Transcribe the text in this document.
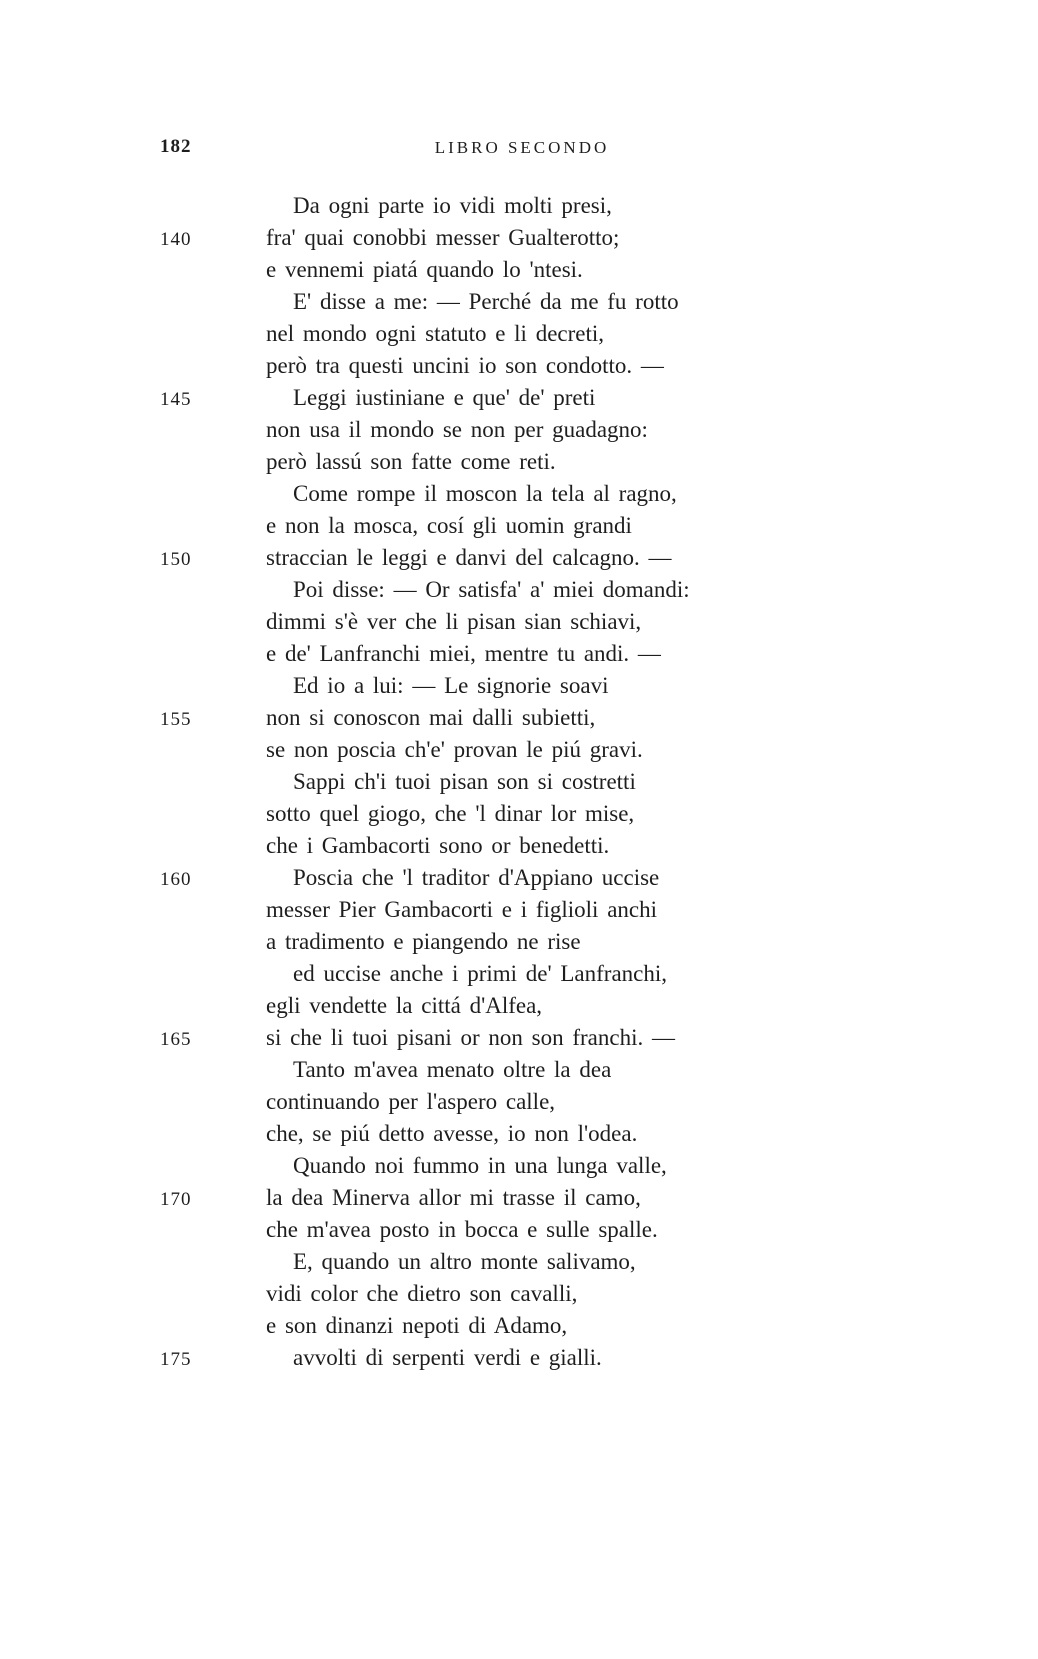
182	LIBRO SECONDO
Da ogni parte io vidi molti presi,
140	fra' quai conobbi messer Gualterotto;
e vennemi piatá quando lo 'ntesi.
E' disse a me: — Perché da me fu rotto
nel mondo ogni statuto e li decreti,
però tra questi uncini io son condotto. —
145	Leggi iustiniane e que' de' preti
non usa il mondo se non per guadagno:
però lassú son fatte come reti.
Come rompe il moscon la tela al ragno,
e non la mosca, cosí gli uomin grandi
150	straccian le leggi e danvi del calcagno. —
Poi disse: — Or satisfa' a' miei domandi:
dimmi s'è ver che li pisan sian schiavi,
e de' Lanfranchi miei, mentre tu andi. —
Ed io a lui: — Le signorie soavi
155	non si conoscon mai dalli subietti,
se non poscia ch'e' provan le piú gravi.
Sappi ch'i tuoi pisan son si costretti
sotto quel giogo, che 'l dinar lor mise,
che i Gambacorti sono or benedetti.
160	Poscia che 'l traditor d'Appiano uccise
messer Pier Gambacorti e i figlioli anchi
a tradimento e piangendo ne rise
ed uccise anche i primi de' Lanfranchi,
egli vendette la cittá d'Alfea,
165	si che li tuoi pisani or non son franchi. —
Tanto m'avea menato oltre la dea
continuando per l'aspero calle,
che, se piú detto avesse, io non l'odea.
Quando noi fummo in una lunga valle,
170	la dea Minerva allor mi trasse il camo,
che m'avea posto in bocca e sulle spalle.
E, quando un altro monte salivamo,
vidi color che dietro son cavalli,
e son dinanzi nepoti di Adamo,
175	avvolti di serpenti verdi e gialli.
